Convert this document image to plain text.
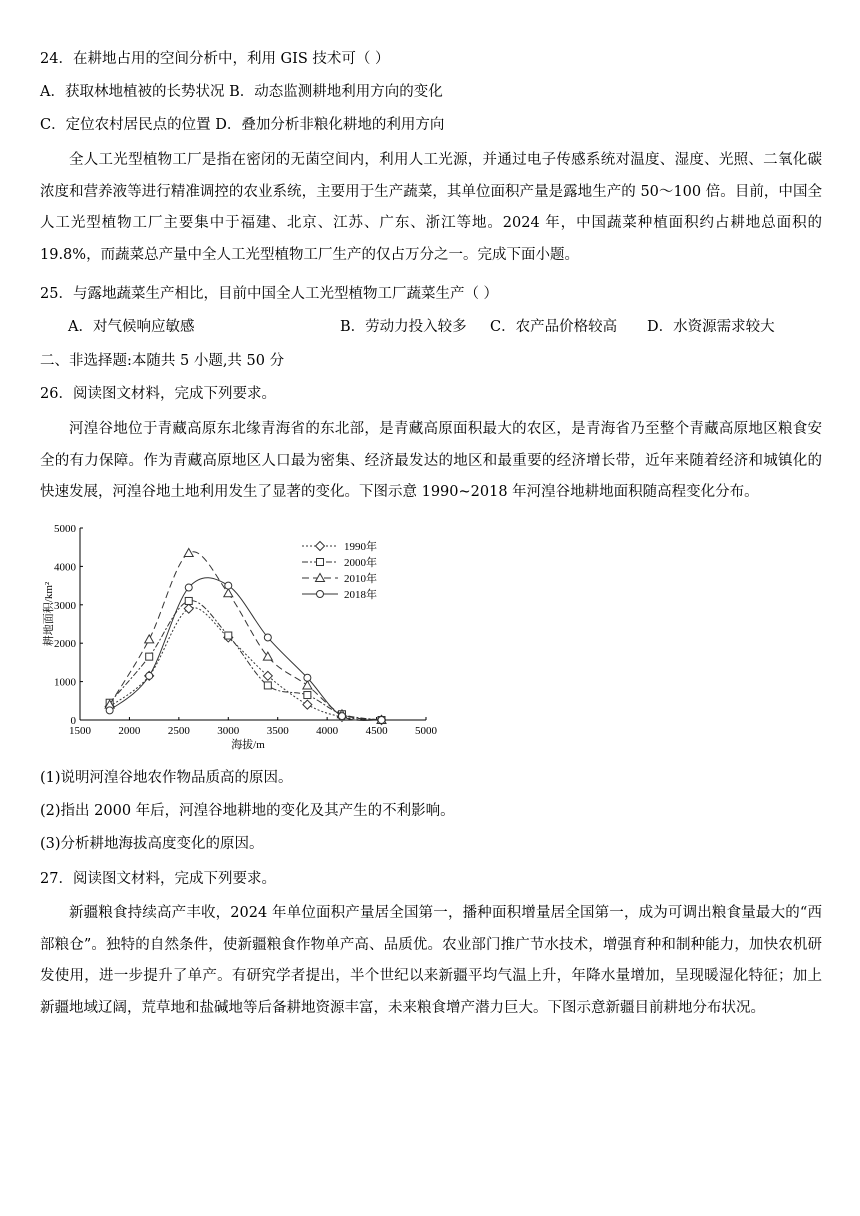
24．在耕地占用的空间分析中，利用 GIS 技术可（ ）
A．获取林地植被的长势状况 B．动态监测耕地利用方向的变化
C．定位农村居民点的位置 D．叠加分析非粮化耕地的利用方向
全人工光型植物工厂是指在密闭的无菌空间内，利用人工光源，并通过电子传感系统对温度、湿度、光照、二氧化碳浓度和营养液等进行精准调控的农业系统，主要用于生产蔬菜，其单位面积产量是露地生产的 50～100 倍。目前，中国全人工光型植物工厂主要集中于福建、北京、江苏、广东、浙江等地。2024 年，中国蔬菜种植面积约占耕地总面积的 19.8%，而蔬菜总产量中全人工光型植物工厂生产的仅占万分之一。完成下面小题。
25．与露地蔬菜生产相比，目前中国全人工光型植物工厂蔬菜生产（ ）
A．对气候响应敏感	B．劳动力投入较多 C．农产品价格较高 D．水资源需求较大
二、非选择题:本随共 5 小题,共 50 分
26．阅读图文材料，完成下列要求。
河湟谷地位于青藏高原东北缘青海省的东北部，是青藏高原面积最大的农区，是青海省乃至整个青藏高原地区粮食安全的有力保障。作为青藏高原地区人口最为密集、经济最发达的地区和最重要的经济增长带，近年来随着经济和城镇化的快速发展，河湟谷地土地利用发生了显著的变化。下图示意 1990~2018 年河湟谷地耕地面积随高程变化分布。
1500 2000 2500 3000 3500 4000 4500 5000
0
1000
2000
3000
4000
5000
海拔/m
耕地面积/km²
1990年
2000年
2010年
2018年
(1)说明河湟谷地农作物品质高的原因。
(2)指出 2000 年后，河湟谷地耕地的变化及其产生的不利影响。
(3)分析耕地海拔高度变化的原因。
27．阅读图文材料，完成下列要求。
新疆粮食持续高产丰收，2024 年单位面积产量居全国第一，播种面积增量居全国第一，成为可调出粮食量最大的“西部粮仓”。独特的自然条件，使新疆粮食作物单产高、品质优。农业部门推广节水技术，增强育种和制种能力，加快农机研发使用，进一步提升了单产。有研究学者提出，半个世纪以来新疆平均气温上升，年降水量增加，呈现暖湿化特征；加上新疆地域辽阔，荒草地和盐碱地等后备耕地资源丰富，未来粮食增产潜力巨大。下图示意新疆目前耕地分布状况。
